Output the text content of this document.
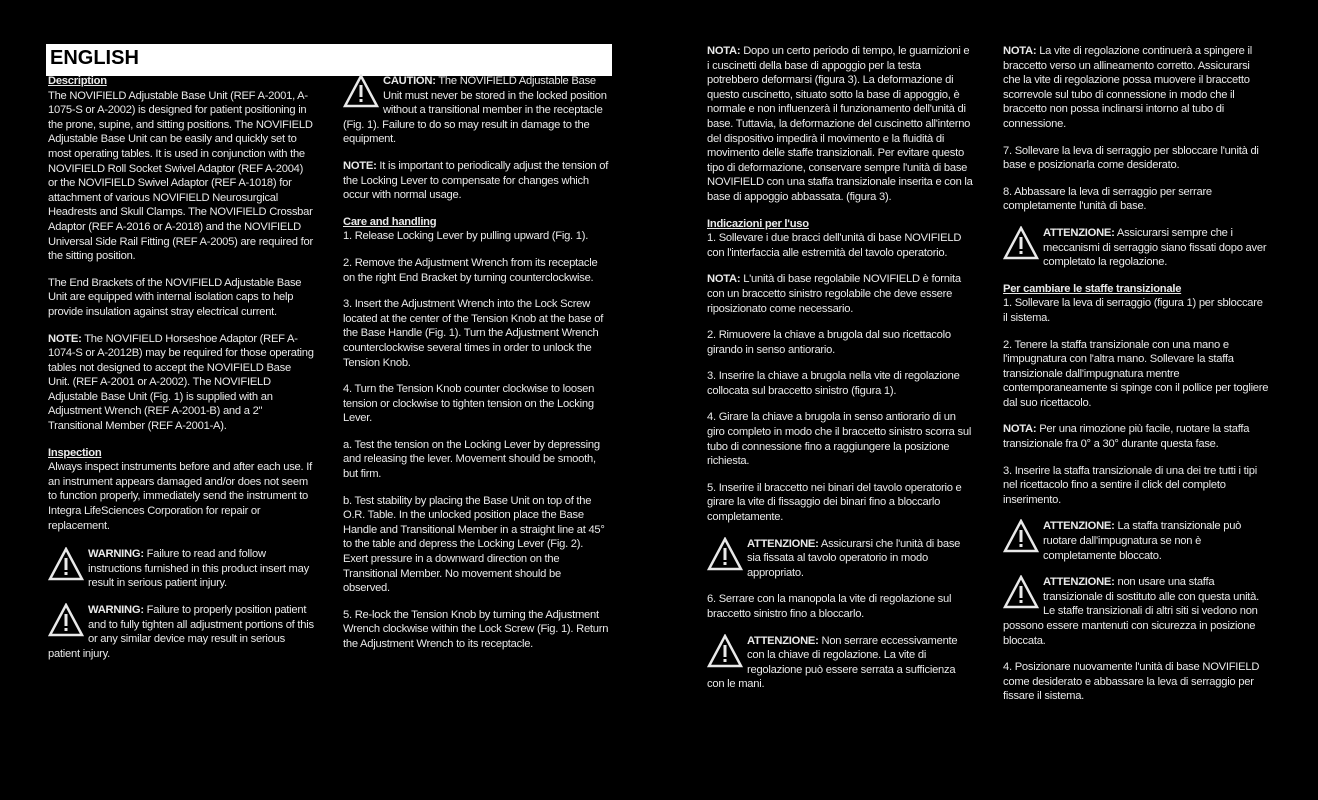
ENGLISH
Description

The NOVIFIELD Adjustable Base Unit (REF A-2001, A-1075-S or A-2002) is designed for patient positioning in the prone, supine, and sitting positions. The NOVIFIELD Adjustable Base Unit can be easily and quickly set to most operating tables. It is used in conjunction with the NOVIFIELD Roll Socket Swivel Adaptor (REF A-2004) or the NOVIFIELD Swivel Adaptor (REF A-1018) for attachment of various NOVIFIELD Neurosurgical Headrests and Skull Clamps. The NOVIFIELD Crossbar Adaptor (REF A-2016 or A-2018) and the NOVIFIELD Universal Side Rail Fitting (REF A-2005) are required for the sitting position.

The End Brackets of the NOVIFIELD Adjustable Base Unit are equipped with internal isolation caps to help provide insulation against stray electrical current.

NOTE: The NOVIFIELD Horseshoe Adaptor (REF A-1074-S or A-2012B) may be required for those operating tables not designed to accept the NOVIFIELD Base Unit. (REF A-2001 or A-2002). The NOVIFIELD Adjustable Base Unit (Fig. 1) is supplied with an Adjustment Wrench (REF A-2001-B) and a 2" Transitional Member (REF A-2001-A).

Inspection

Always inspect instruments before and after each use. If an instrument appears damaged and/or does not seem to function properly, immediately send the instrument to Integra LifeSciences Corporation for repair or replacement.

WARNING: Failure to read and follow instructions furnished in this product insert may result in serious patient injury.
WARNING: Failure to properly position patient and to fully tighten all adjustment portions of this or any similar device may result in serious patient injury.
CAUTION: The NOVIFIELD Adjustable Base Unit must never be stored in the locked position without a transitional member in the receptacle (Fig. 1). Failure to do so may result in damage to the equipment.

NOTE: It is important to periodically adjust the tension of the Locking Lever to compensate for changes which occur with normal usage.

Care and handling

1. Release Locking Lever by pulling upward (Fig. 1).

2. Remove the Adjustment Wrench from its receptacle on the right End Bracket by turning counterclockwise.

3. Insert the Adjustment Wrench into the Lock Screw located at the center of the Tension Knob at the base of the Base Handle (Fig. 1). Turn the Adjustment Wrench counterclockwise several times in order to unlock the Tension Knob.

4. Turn the Tension Knob counter clockwise to loosen tension or clockwise to tighten tension on the Locking Lever.

a. Test the tension on the Locking Lever by depressing and releasing the lever. Movement should be smooth, but firm.

b. Test stability by placing the Base Unit on top of the O.R. Table. In the unlocked position place the Base Handle and Transitional Member in a straight line at 45° to the table and depress the Locking Lever (Fig. 2). Exert pressure in a downward direction on the Transitional Member. No movement should be observed.

5. Re-lock the Tension Knob by turning the Adjustment Wrench clockwise within the Lock Screw (Fig. 1). Return the Adjustment Wrench to its receptacle.

NOTA: Dopo un certo periodo di tempo, le guarnizioni e i cuscinetti della base di appoggio per la testa potrebbero deformarsi (figura 3). La deformazione di questo cuscinetto, situato sotto la base di appoggio, è normale e non influenzerà il funzionamento dell'unità di base. Tuttavia, la deformazione del cuscinetto all'interno del dispositivo impedirà il movimento e la fluidità di movimento delle staffe transizionali. Per evitare questo tipo di deformazione, conservare sempre l'unità di base NOVIFIELD con una staffa transizionale inserita e con la base di appoggio abbassata. (figura 3).

Indicazioni per l'uso

1. Sollevare i due bracci dell'unità di base NOVIFIELD con l'interfaccia alle estremità del tavolo operatorio.

NOTA: L'unità di base regolabile NOVIFIELD è fornita con un braccetto sinistro regolabile che deve essere riposizionato come necessario.

2. Rimuovere la chiave a brugola dal suo ricettacolo girando in senso antiorario.

3. Inserire la chiave a brugola nella vite di regolazione collocata sul braccetto sinistro (figura 1).

4. Girare la chiave a brugola in senso antiorario di un giro completo in modo che il braccetto sinistro scorra sul tubo di connessione fino a raggiungere la posizione richiesta.

5. Inserire il braccetto nei binari del tavolo operatorio e girare la vite di fissaggio dei binari fino a bloccarlo completamente.

ATTENZIONE: Assicurarsi che l'unità di base sia fissata al tavolo operatorio in modo appropriato.

6. Serrare con la manopola la vite di regolazione sul braccetto sinistro fino a bloccarlo.

ATTENZIONE: Non serrare eccessivamente con la chiave di regolazione. La vite di regolazione può essere serrata a sufficienza con le mani.

NOTA: La vite di regolazione continuerà a spingere il braccetto verso un allineamento corretto. Assicurarsi che la vite di regolazione possa muovere il braccetto scorrevole sul tubo di connessione in modo che il braccetto non possa inclinarsi intorno al tubo di connessione.

7. Sollevare la leva di serraggio per sbloccare l'unità di base e posizionarla come desiderato.

8. Abbassare la leva di serraggio per serrare completamente l'unità di base.

ATTENZIONE: Assicurarsi sempre che i meccanismi di serraggio siano fissati dopo aver completato la regolazione.
Per cambiare le staffe transizionale

1. Sollevare la leva di serraggio (figura 1) per sbloccare il sistema.

2. Tenere la staffa transizionale con una mano e l'impugnatura con l'altra mano. Sollevare la staffa transizionale dall'impugnatura mentre contemporaneamente si spinge con il pollice per togliere dal suo ricettacolo.

NOTA: Per una rimozione più facile, ruotare la staffa transizionale fra 0° a 30° durante questa fase.

3. Inserire la staffa transizionale di una dei tre tutti i tipi nel ricettacolo fino a sentire il click del completo inserimento.

ATTENZIONE: La staffa transizionale può ruotare dall'impugnatura se non è completamente bloccato.
ATTENZIONE: non usare una staffa transizionale di sostituto alle con questa unità. Le staffe transizionali di altri siti si vedono non possono essere mantenuti con sicurezza in posizione bloccata.

4. Posizionare nuovamente l'unità di base NOVIFIELD come desiderato e abbassare la leva di serraggio per fissare il sistema.
